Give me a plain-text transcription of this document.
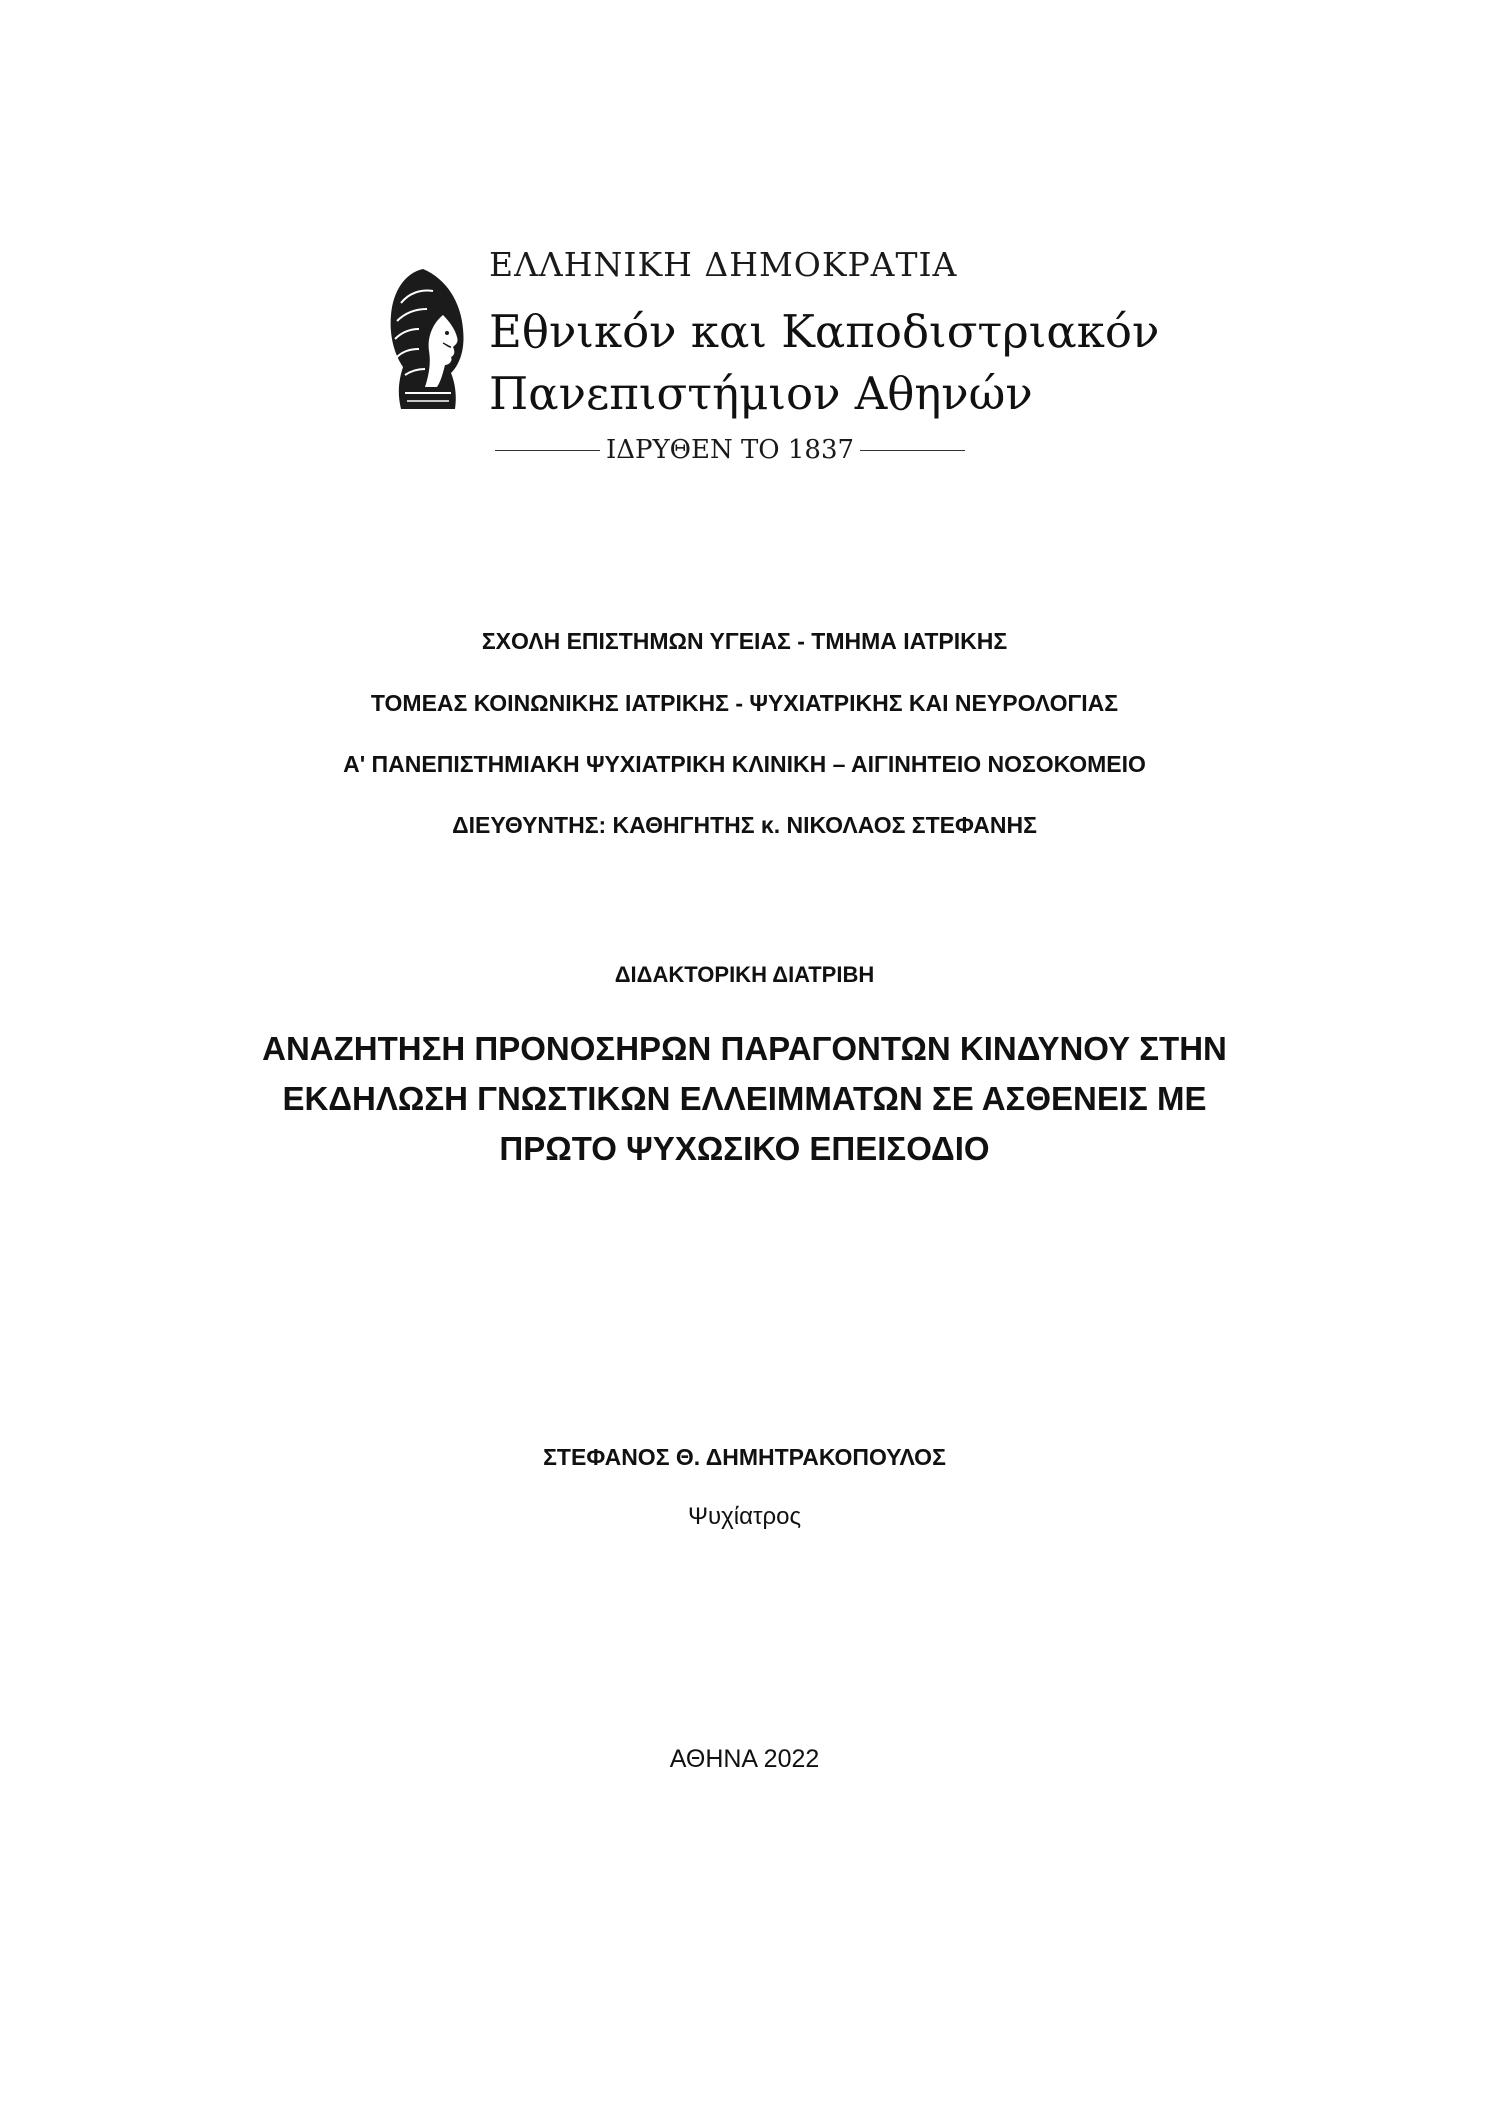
ΕΛΛΗΝΙΚΗ ΔΗΜΟΚΡΑΤΙΑ
Εθνικόν και Καποδιστριακόν
Πανεπιστήμιον Αθηνών
ΙΔΡΥΘΕΝ ΤΟ 1837
ΣΧΟΛΗ ΕΠΙΣΤΗΜΩΝ ΥΓΕΙΑΣ - ΤΜΗΜΑ ΙΑΤΡΙΚΗΣ
ΤΟΜΕΑΣ ΚΟΙΝΩΝΙΚΗΣ ΙΑΤΡΙΚΗΣ - ΨΥΧΙΑΤΡΙΚΗΣ ΚΑΙ ΝΕΥΡΟΛΟΓΙΑΣ
Α' ΠΑΝΕΠΙΣΤΗΜΙΑΚΗ ΨΥΧΙΑΤΡΙΚΗ ΚΛΙΝΙΚΗ – ΑΙΓΙΝΗΤΕΙΟ ΝΟΣΟΚΟΜΕΙΟ
ΔΙΕΥΘΥΝΤΗΣ: ΚΑΘΗΓΗΤΗΣ κ. ΝΙΚΟΛΑΟΣ ΣΤΕΦΑΝΗΣ
ΔΙΔΑΚΤΟΡΙΚΗ ΔΙΑΤΡΙΒΗ
ΑΝΑΖΗΤΗΣΗ ΠΡΟΝΟΣΗΡΩΝ ΠΑΡΑΓΟΝΤΩΝ ΚΙΝΔΥΝΟΥ ΣΤΗΝ
ΕΚΔΗΛΩΣΗ ΓΝΩΣΤΙΚΩΝ ΕΛΛΕΙΜΜΑΤΩΝ ΣΕ ΑΣΘΕΝΕΙΣ ΜΕ
ΠΡΩΤΟ ΨΥΧΩΣΙΚΟ ΕΠΕΙΣΟΔΙΟ
ΣΤΕΦΑΝΟΣ Θ. ΔΗΜΗΤΡΑΚΟΠΟΥΛΟΣ
Ψυχίατρος
ΑΘΗΝΑ 2022
